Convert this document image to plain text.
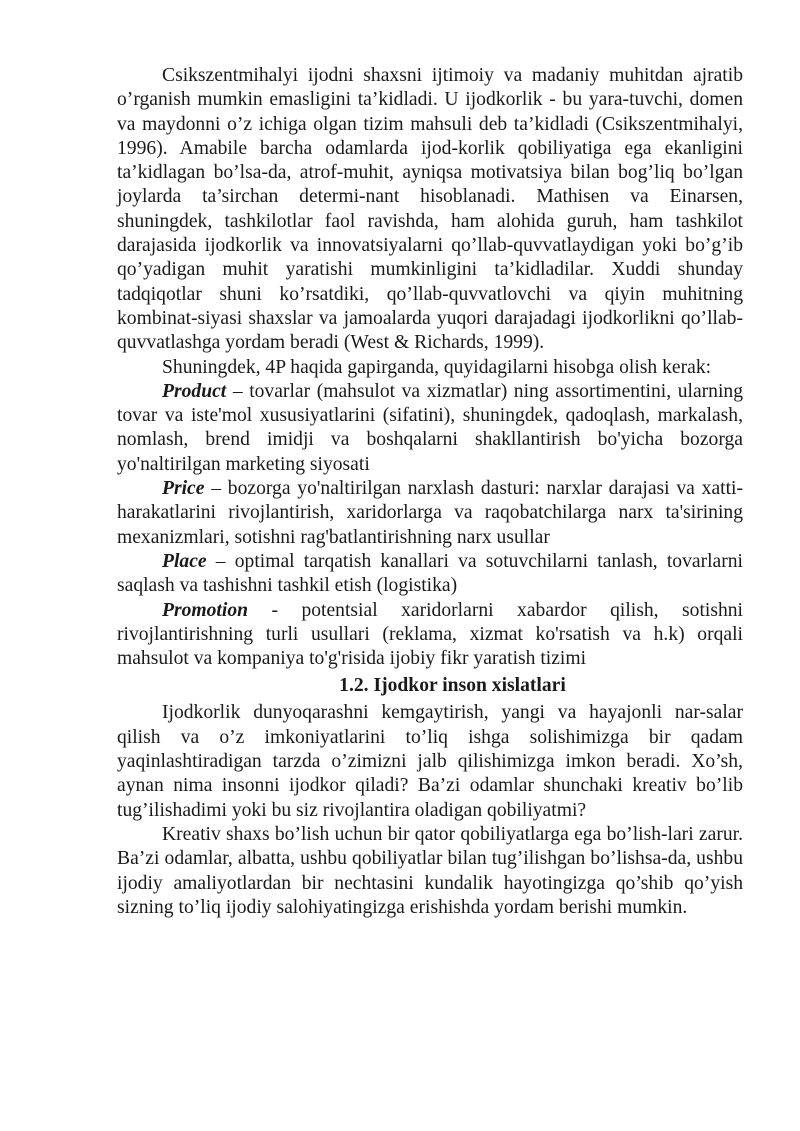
Csikszentmihalyi ijodni shaxsni ijtimoiy va madaniy muhitdan ajratib o’rganish mumkin emasligini ta’kidladi. U ijodkorlik - bu yara-tuvchi, domen va maydonni o’z ichiga olgan tizim mahsuli deb ta’kidladi (Csikszentmihalyi, 1996). Amabile barcha odamlarda ijod-korlik qobiliyatiga ega ekanligini ta’kidlagan bo’lsa-da, atrof-muhit, ayniqsa motivatsiya bilan bog’liq bo’lgan joylarda ta’sirchan determi-nant hisoblanadi. Mathisen va Einarsen, shuningdek, tashkilotlar faol ravishda, ham alohida guruh, ham tashkilot darajasida ijodkorlik va innovatsiyalarni qo’llab-quvvatlaydigan yoki bo’g’ib qo’yadigan muhit yaratishi mumkinligini ta’kidladilar. Xuddi shunday tadqiqotlar shuni ko’rsatdiki, qo’llab-quvvatlovchi va qiyin muhitning kombinat-siyasi shaxslar va jamoalarda yuqori darajadagi ijodkorlikni qo’llab-quvvatlashga yordam beradi (West & Richards, 1999).

Shuningdek, 4P haqida gapirganda, quyidagilarni hisobga olish kerak:

Product – tovarlar (mahsulot va xizmatlar) ning assortimentini, ularning tovar va iste'mol xususiyatlarini (sifatini), shuningdek, qadoqlash, markalash, nomlash, brend imidji va boshqalarni shakllantirish bo'yicha bozorga yo'naltirilgan marketing siyosati

Price – bozorga yo'naltirilgan narxlash dasturi: narxlar darajasi va xatti-harakatlarini rivojlantirish, xaridorlarga va raqobatchilarga narx ta'sirining mexanizmlari, sotishni rag'batlantirishning narx usullar

Place – optimal tarqatish kanallari va sotuvchilarni tanlash, tovarlarni saqlash va tashishni tashkil etish (logistika)

Promotion - potentsial xaridorlarni xabardor qilish, sotishni rivojlantirishning turli usullari (reklama, xizmat ko'rsatish va h.k) orqali mahsulot va kompaniya to'g'risida ijobiy fikr yaratish tizimi

1.2. Ijodkor inson xislatlari

Ijodkorlik dunyoqarashni kemgaytirish, yangi va hayajonli nar-salar qilish va o’z imkoniyatlarini to’liq ishga solishimizga bir qadam yaqinlashtiradigan tarzda o’zimizni jalb qilishimizga imkon beradi. Xo’sh, aynan nima insonni ijodkor qiladi? Ba’zi odamlar shunchaki kreativ bo’lib tug’ilishadimi yoki bu siz rivojlantira oladigan qobiliyatmi?

Kreativ shaxs bo’lish uchun bir qator qobiliyatlarga ega bo’lish-lari zarur. Ba’zi odamlar, albatta, ushbu qobiliyatlar bilan tug’ilishgan bo’lishsa-da, ushbu ijodiy amaliyotlardan bir nechtasini kundalik hayotingizga qo’shib qo’yish sizning to’liq ijodiy salohiyatingizga erishishda yordam berishi mumkin.
